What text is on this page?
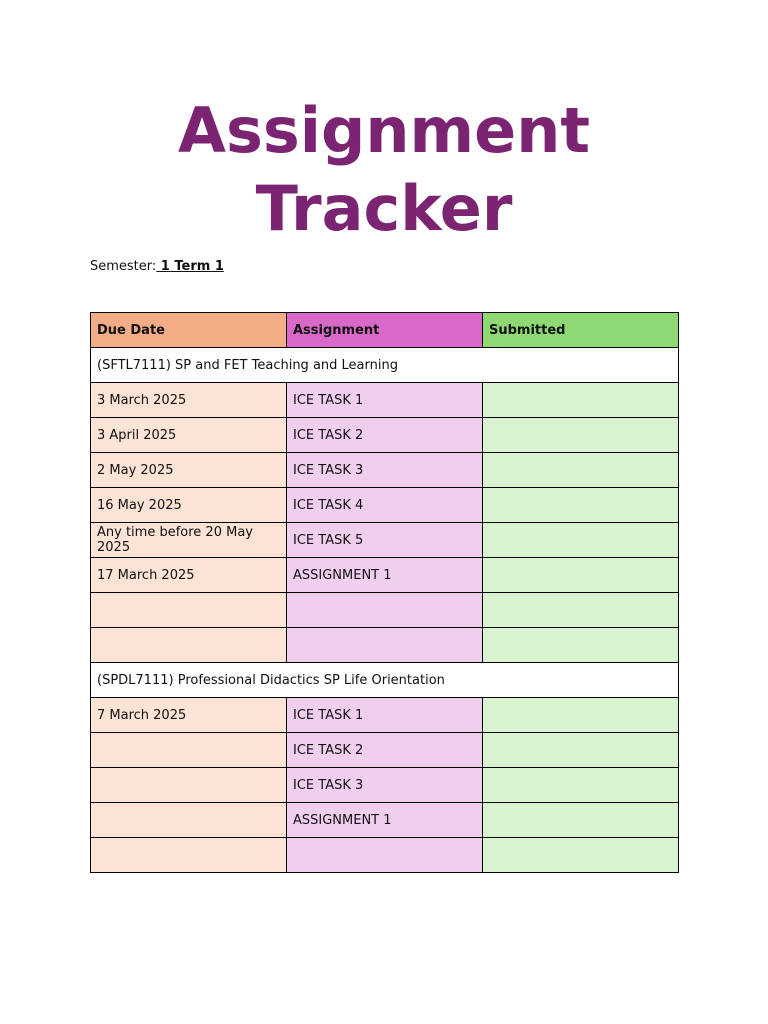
Assignment
Tracker
Semester: 1 Term 1
Due Date	Assignment	Submitted
(SFTL7111) SP and FET Teaching and Learning		
3 March 2025	ICE TASK 1	
3 April 2025	ICE TASK 2	
2 May 2025	ICE TASK 3	
16 May 2025	ICE TASK 4	
Any time before 20 May 2025	ICE TASK 5	
17 March 2025	ASSIGNMENT 1	

(SPDL7111) Professional Didactics SP Life Orientation		
7 March 2025	ICE TASK 1	
	ICE TASK 2	
	ICE TASK 3	
	ASSIGNMENT 1	
